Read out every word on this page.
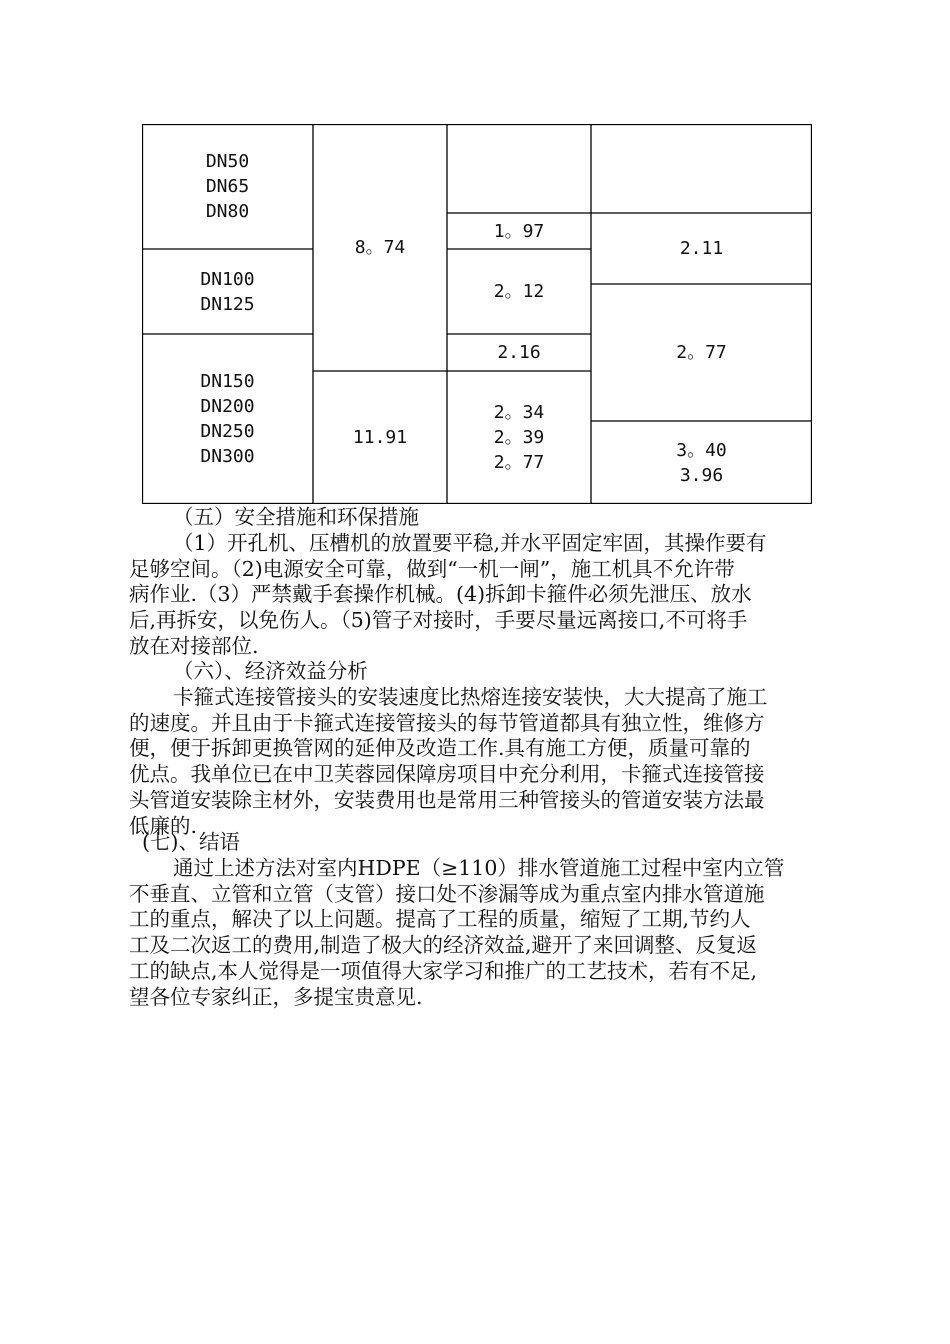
DN50
DN65
DN80
DN100
DN125
DN150
DN200
DN250
DN300
8。74
11.91
1。97
2。12
2.16
2。34
2。39
2。77
2.11
2。77
3。40
3.96
（五）安全措施和环保措施
（1）开孔机、压槽机的放置要平稳,并水平固定牢固，其操作要有
足够空间。（2)电源安全可靠，做到“一机一闸”，施工机具不允许带
病作业.（3）严禁戴手套操作机械。(4)拆卸卡箍件必须先泄压、放水
后,再拆安，以免伤人。（5)管子对接时，手要尽量远离接口,不可将手
放在对接部位.
（六）、经济效益分析
卡箍式连接管接头的安装速度比热熔连接安装快，大大提高了施工
的速度。并且由于卡箍式连接管接头的每节管道都具有独立性，维修方
便，便于拆卸更换管网的延伸及改造工作.具有施工方便，质量可靠的
优点。我单位已在中卫芙蓉园保障房项目中充分利用，卡箍式连接管接
头管道安装除主材外，安装费用也是常用三种管接头的管道安装方法最
低廉的.
(七)、结语
通过上述方法对室内HDPE（≥110）排水管道施工过程中室内立管
不垂直、立管和立管（支管）接口处不渗漏等成为重点室内排水管道施
工的重点，解决了以上问题。提高了工程的质量，缩短了工期,节约人
工及二次返工的费用,制造了极大的经济效益,避开了来回调整、反复返
工的缺点,本人觉得是一项值得大家学习和推广的工艺技术，若有不足,
望各位专家纠正，多提宝贵意见.
